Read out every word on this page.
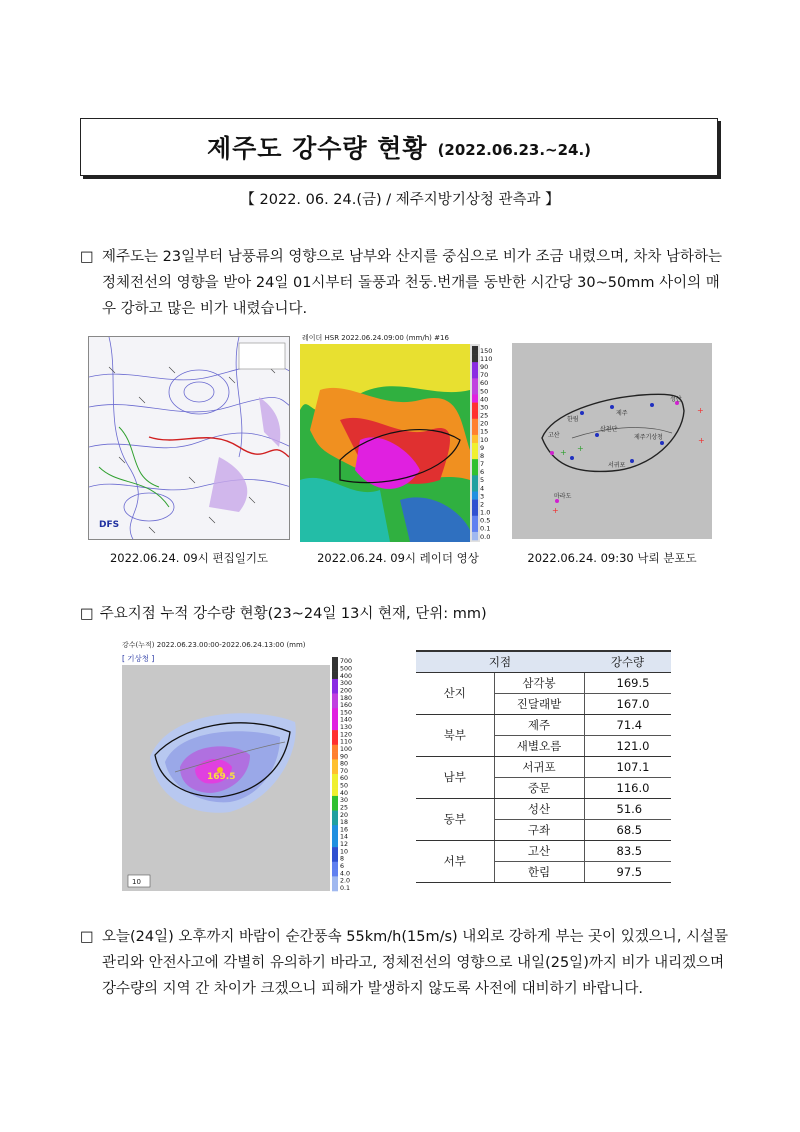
제주도 강수량 현황 (2022.06.23.~24.)
【 2022. 06. 24.(금) / 제주지방기상청 관측과 】
□ 제주도는 23일부터 남풍류의 영향으로 남부와 산지를 중심으로 비가 조금 내렸으며, 차차 남하하는 정체전선의 영향을 받아 24일 01시부터 돌풍과 천둥.번개를 동반한 시간당 30~50mm 사이의 매우 강하고 많은 비가 내렸습니다.
DFS
2022.06.24. 09시 편집일기도
레이더 HSR 2022.06.24.09:00 (mm/h) #16
150
110
90
70
60
50
40
30
25
20
15
10
9
8
7
6
5
4
3
2
1.0
0.5
0.1
0.0
2022.06.24. 09시 레이더 영상
+
+
+
+ +
제주
산천단
제주기상청
고산
서귀포
성산
한림
마라도
2022.06.24. 09:30 낙뢰 분포도
□ 주요지점 누적 강수량 현황(23~24일 13시 현재, 단위: mm)
강수(누적) 2022.06.23.00:00-2022.06.24.13:00 (mm)
[ 기상청 ]
169.5
10
700
500
400
300
200
180
160
150
140
130
120
110
100
90
80
70
60
50
40
30
25
20
18
16
14
12
10
8
6
4.0
2.0
0.1
지점		강수량
산지	삼각봉	169.5
	진달래밭	167.0
북부	제주	71.4
	새별오름	121.0
남부	서귀포	107.1
	중문	116.0
동부	성산	51.6
	구좌	68.5
서부	고산	83.5
	한림	97.5
□ 오늘(24일) 오후까지 바람이 순간풍속 55km/h(15m/s) 내외로 강하게 부는 곳이 있겠으니, 시설물 관리와 안전사고에 각별히 유의하기 바라고, 정체전선의 영향으로 내일(25일)까지 비가 내리겠으며 강수량의 지역 간 차이가 크겠으니 피해가 발생하지 않도록 사전에 대비하기 바랍니다.
